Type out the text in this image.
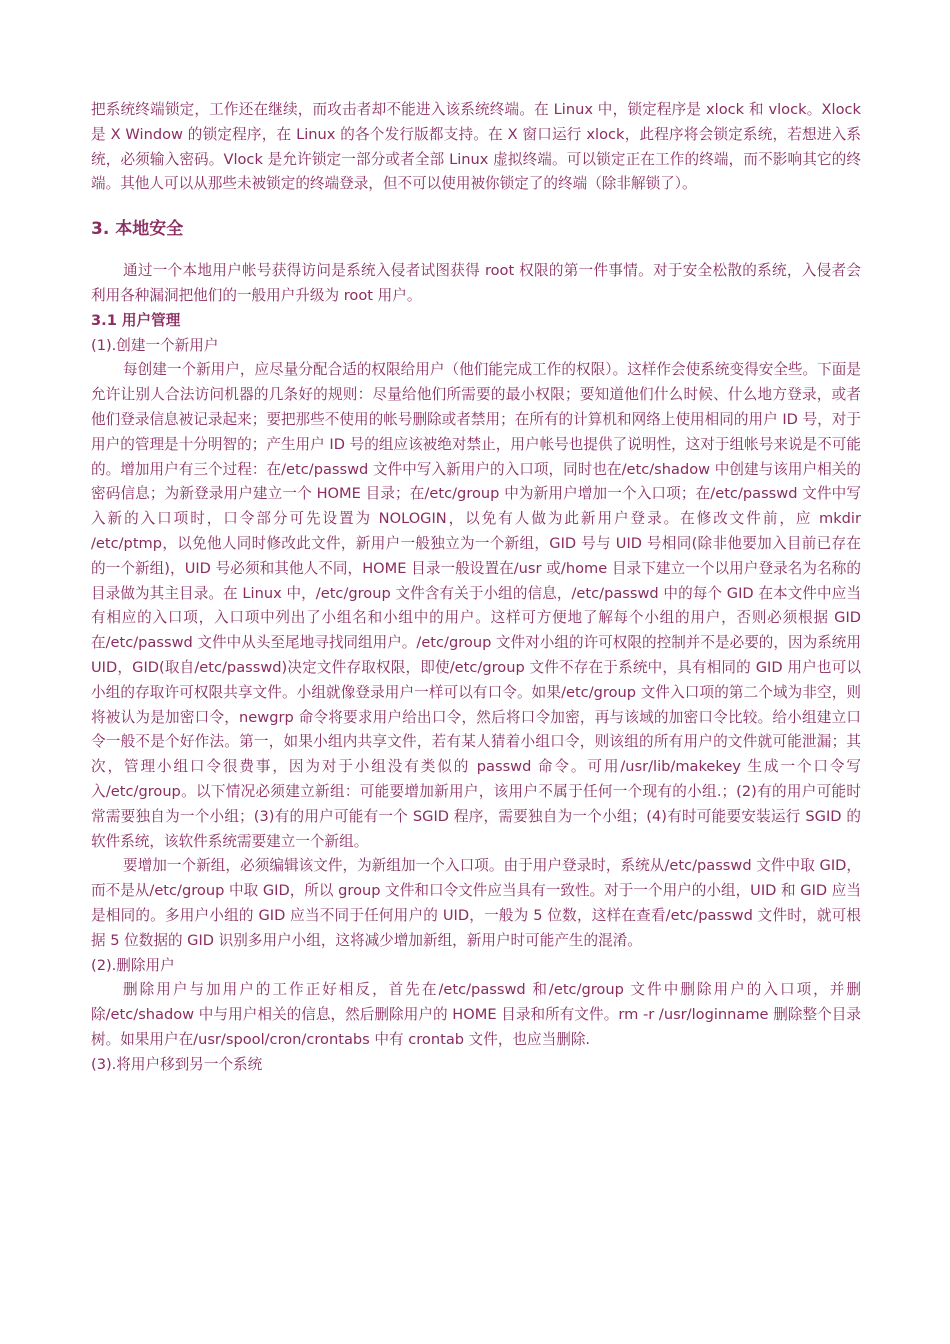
把系统终端锁定，工作还在继续，而攻击者却不能进入该系统终端。在 Linux 中，锁定程序是 xlock 和 vlock。Xlock 是 X Window 的锁定程序，在 Linux 的各个发行版都支持。在 X 窗口运行 xlock，此程序将会锁定系统，若想进入系统，必须输入密码。Vlock 是允许锁定一部分或者全部 Linux 虚拟终端。可以锁定正在工作的终端，而不影响其它的终端。其他人可以从那些未被锁定的终端登录，但不可以使用被你锁定了的终端（除非解锁了）。

3. 本地安全

通过一个本地用户帐号获得访问是系统入侵者试图获得 root 权限的第一件事情。对于安全松散的系统，入侵者会利用各种漏洞把他们的一般用户升级为 root 用户。

3.1 用户管理

(1).创建一个新用户

每创建一个新用户，应尽量分配合适的权限给用户（他们能完成工作的权限）。这样作会使系统变得安全些。下面是允许让别人合法访问机器的几条好的规则：尽量给他们所需要的最小权限；要知道他们什么时候、什么地方登录，或者他们登录信息被记录起来；要把那些不使用的帐号删除或者禁用；在所有的计算机和网络上使用相同的用户 ID 号，对于用户的管理是十分明智的；产生用户 ID 号的组应该被绝对禁止，用户帐号也提供了说明性，这对于组帐号来说是不可能的。增加用户有三个过程：在/etc/passwd 文件中写入新用户的入口项，同时也在/etc/shadow 中创建与该用户相关的密码信息；为新登录用户建立一个 HOME 目录；在/etc/group 中为新用户增加一个入口项；在/etc/passwd 文件中写入新的入口项时，口令部分可先设置为 NOLOGIN，以免有人做为此新用户登录。在修改文件前，应 mkdir /etc/ptmp，以免他人同时修改此文件，新用户一般独立为一个新组，GID 号与 UID 号相同(除非他要加入目前已存在的一个新组)，UID 号必须和其他人不同，HOME 目录一般设置在/usr 或/home 目录下建立一个以用户登录名为名称的目录做为其主目录。在 Linux 中，/etc/group 文件含有关于小组的信息，/etc/passwd 中的每个 GID 在本文件中应当有相应的入口项，入口项中列出了小组名和小组中的用户。这样可方便地了解每个小组的用户，否则必须根据 GID 在/etc/passwd 文件中从头至尾地寻找同组用户。/etc/group 文件对小组的许可权限的控制并不是必要的，因为系统用 UID，GID(取自/etc/passwd)决定文件存取权限，即使/etc/group 文件不存在于系统中，具有相同的 GID 用户也可以小组的存取许可权限共享文件。小组就像登录用户一样可以有口令。如果/etc/group 文件入口项的第二个域为非空，则将被认为是加密口令，newgrp 命令将要求用户给出口令，然后将口令加密，再与该域的加密口令比较。给小组建立口令一般不是个好作法。第一，如果小组内共享文件，若有某人猜着小组口令，则该组的所有用户的文件就可能泄漏；其次，管理小组口令很费事，因为对于小组没有类似的 passwd 命令。可用/usr/lib/makekey 生成一个口令写入/etc/group。以下情况必须建立新组：可能要增加新用户，该用户不属于任何一个现有的小组.；(2)有的用户可能时常需要独自为一个小组；(3)有的用户可能有一个 SGID 程序，需要独自为一个小组；(4)有时可能要安装运行 SGID 的软件系统，该软件系统需要建立一个新组。

要增加一个新组，必须编辑该文件，为新组加一个入口项。由于用户登录时，系统从/etc/passwd 文件中取 GID，而不是从/etc/group 中取 GID，所以 group 文件和口令文件应当具有一致性。对于一个用户的小组，UID 和 GID 应当是相同的。多用户小组的 GID 应当不同于任何用户的 UID，一般为 5 位数，这样在查看/etc/passwd 文件时，就可根据 5 位数据的 GID 识别多用户小组，这将减少增加新组，新用户时可能产生的混淆。

(2).删除用户

删除用户与加用户的工作正好相反，首先在/etc/passwd 和/etc/group 文件中删除用户的入口项，并删除/etc/shadow 中与用户相关的信息，然后删除用户的 HOME 目录和所有文件。rm -r /usr/loginname 删除整个目录树。如果用户在/usr/spool/cron/crontabs 中有 crontab 文件，也应当删除.

(3).将用户移到另一个系统
